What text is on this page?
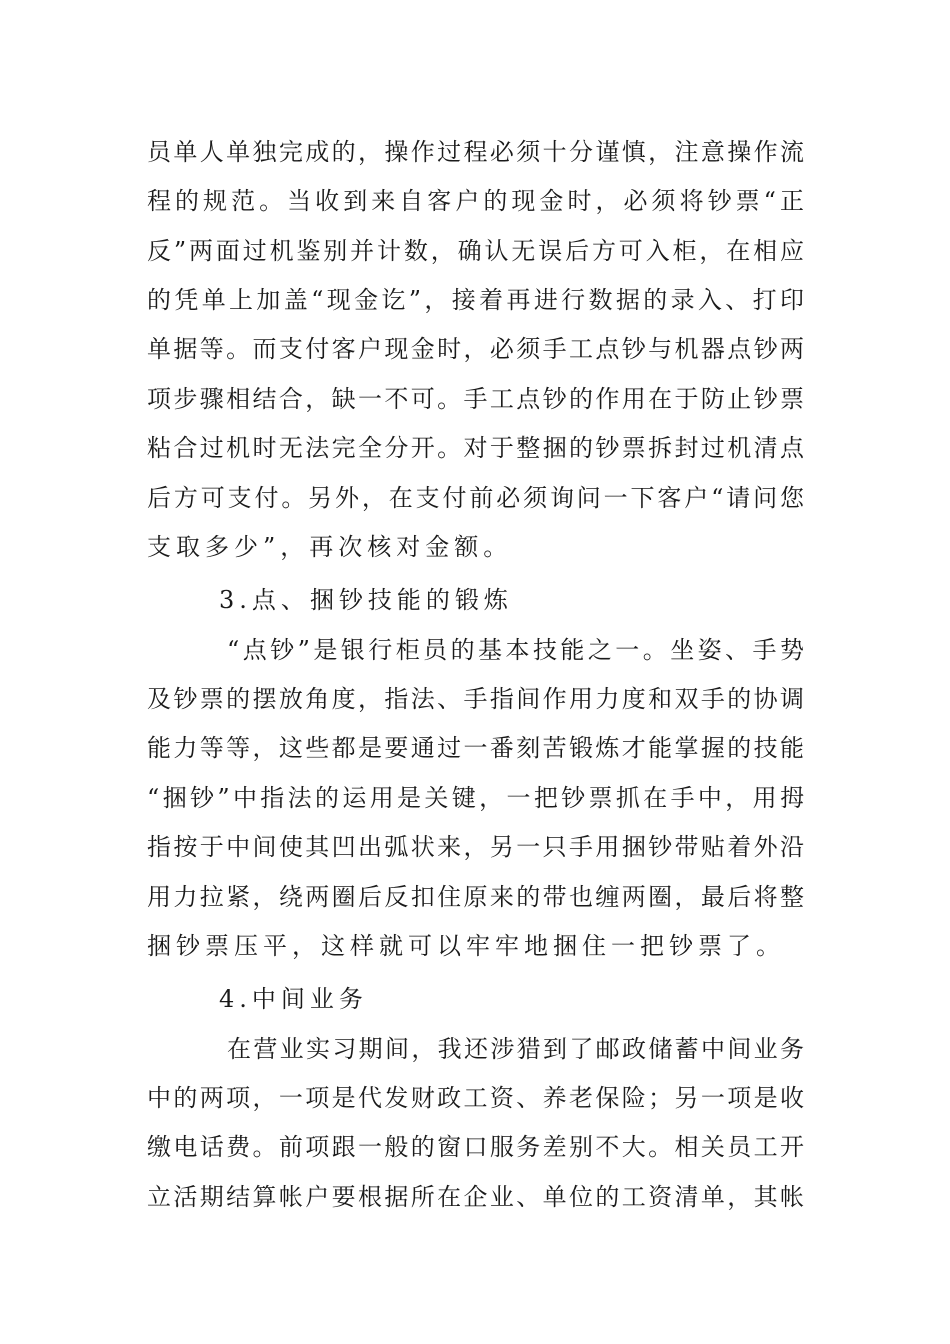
员单人单独完成的，操作过程必须十分谨慎，注意操作流
程的规范。当收到来自客户的现金时，必须将钞票“正
反”两面过机鉴别并计数，确认无误后方可入柜，在相应
的凭单上加盖“现金讫”，接着再进行数据的录入、打印
单据等。而支付客户现金时，必须手工点钞与机器点钞两
项步骤相结合，缺一不可。手工点钞的作用在于防止钞票
粘合过机时无法完全分开。对于整捆的钞票拆封过机清点
后方可支付。另外，在支付前必须询问一下客户“请问您
支取多少”，再次核对金额。
3.点、捆钞技能的锻炼
“点钞”是银行柜员的基本技能之一。坐姿、手势
及钞票的摆放角度，指法、手指间作用力度和双手的协调
能力等等，这些都是要通过一番刻苦锻炼才能掌握的技能
“捆钞”中指法的运用是关键，一把钞票抓在手中，用拇
指按于中间使其凹出弧状来，另一只手用捆钞带贴着外沿
用力拉紧，绕两圈后反扣住原来的带也缠两圈，最后将整
捆钞票压平，这样就可以牢牢地捆住一把钞票了。
4.中间业务
在营业实习期间，我还涉猎到了邮政储蓄中间业务
中的两项，一项是代发财政工资、养老保险；另一项是收
缴电话费。前项跟一般的窗口服务差别不大。相关员工开
立活期结算帐户要根据所在企业、单位的工资清单，其帐
